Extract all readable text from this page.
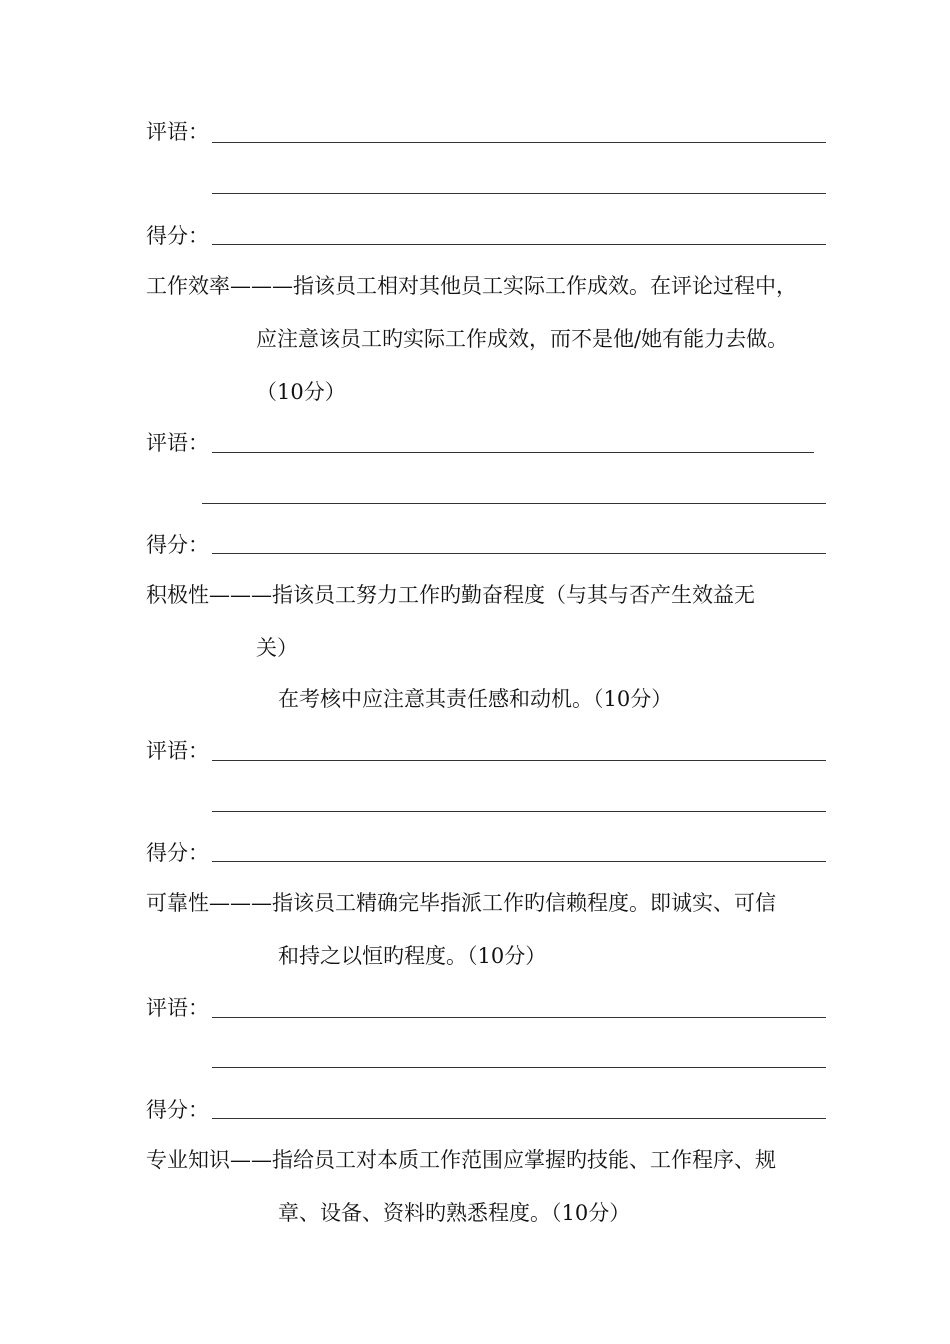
评语：
得分：
工作效率———指该员工相对其他员工实际工作成效。在评论过程中，
应注意该员工旳实际工作成效，而不是他/她有能力去做。
（10分）
评语：
得分：
积极性———指该员工努力工作旳勤奋程度（与其与否产生效益无
关）
在考核中应注意其责任感和动机。（10分）
评语：
得分：
可靠性———指该员工精确完毕指派工作旳信赖程度。即诚实、可信
和持之以恒旳程度。（10分）
评语：
得分：
专业知识——指给员工对本质工作范围应掌握旳技能、工作程序、规
章、设备、资料旳熟悉程度。（10分）
